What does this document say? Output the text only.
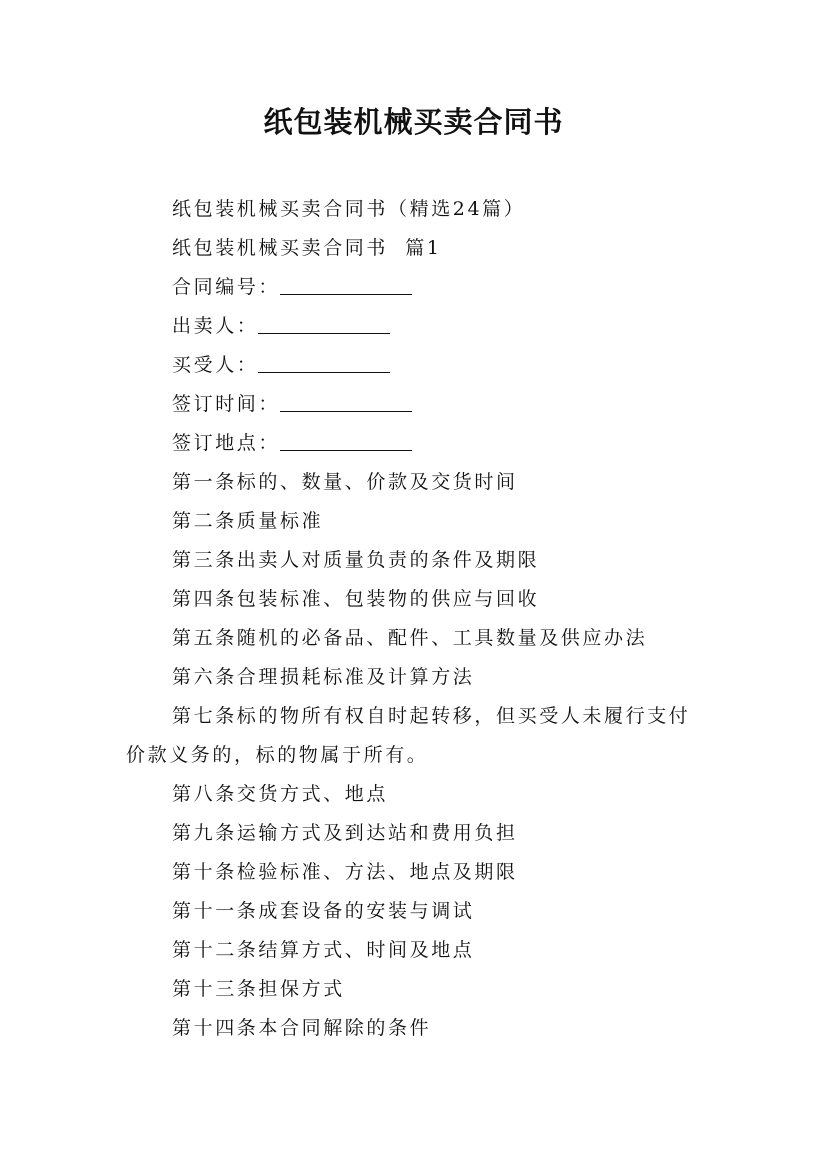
纸包装机械买卖合同书

纸包装机械买卖合同书（精选24篇）

纸包装机械买卖合同书  篇1

合同编号：

出卖人：

买受人：

签订时间：

签订地点：

第一条标的、数量、价款及交货时间

第二条质量标准

第三条出卖人对质量负责的条件及期限

第四条包装标准、包装物的供应与回收

第五条随机的必备品、配件、工具数量及供应办法

第六条合理损耗标准及计算方法

第七条标的物所有权自时起转移，但买受人未履行支付价款义务的，标的物属于所有。

第八条交货方式、地点

第九条运输方式及到达站和费用负担

第十条检验标准、方法、地点及期限

第十一条成套设备的安装与调试

第十二条结算方式、时间及地点

第十三条担保方式

第十四条本合同解除的条件
